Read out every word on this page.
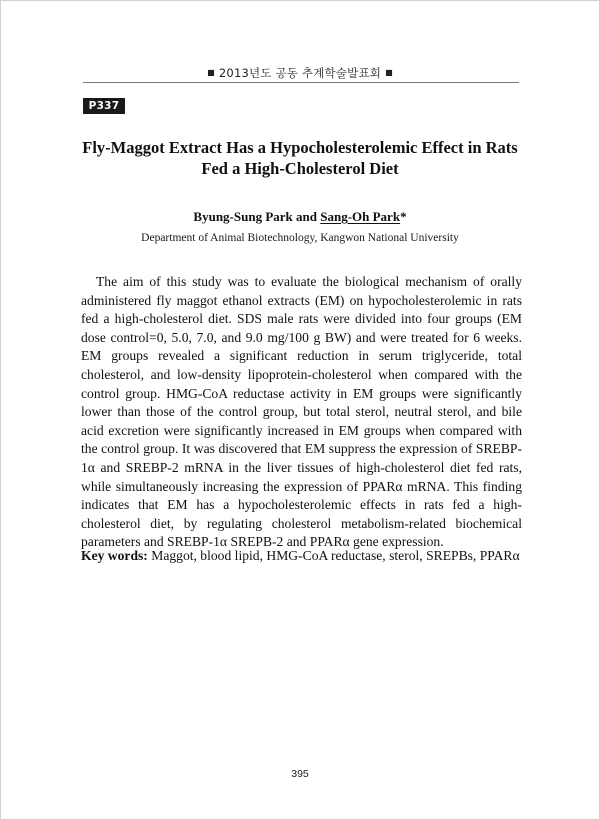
■ 2013년도 공동 추계학술발표회 ■
P337
Fly-Maggot Extract Has a Hypocholesterolemic Effect in Rats
Fed a High-Cholesterol Diet
Byung-Sung Park and Sang-Oh Park*
Department of Animal Biotechnology, Kangwon National University

The aim of this study was to evaluate the biological mechanism of orally administered fly maggot ethanol extracts (EM) on hypocholesterolemic in rats fed a high-cholesterol diet. SDS male rats were divided into four groups (EM dose control=0, 5.0, 7.0, and 9.0 mg/100 g BW) and were treated for 6 weeks. EM groups revealed a significant reduction in serum triglyceride, total cholesterol, and low-density lipoprotein-cholesterol when compared with the control group. HMG-CoA reductase activity in EM groups were significantly lower than those of the control group, but total sterol, neutral sterol, and bile acid excretion were significantly increased in EM groups when compared with the control group. It was discovered that EM suppress the expression of SREBP-1α and SREBP-2 mRNA in the liver tissues of high-cholesterol diet fed rats, while simultaneously increasing the expression of PPARα mRNA. This finding indicates that EM has a hypocholesterolemic effects in rats fed a high-cholesterol diet, by regulating cholesterol metabolism-related biochemical parameters and SREBP-1α SREPB-2 and PPARα gene expression.

Key words: Maggot, blood lipid, HMG-CoA reductase, sterol, SREPBs, PPARα

395
